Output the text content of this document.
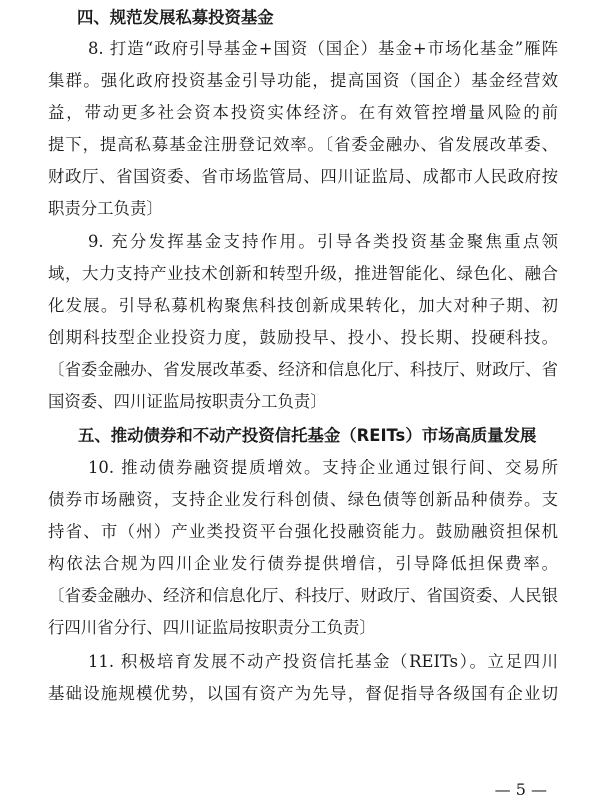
四、规范发展私募投资基金
8. 打造“政府引导基金+国资（国企）基金+市场化基金”雁阵
集群。强化政府投资基金引导功能，提高国资（国企）基金经营效
益，带动更多社会资本投资实体经济。在有效管控增量风险的前
提下，提高私募基金注册登记效率。〔省委金融办、省发展改革委、
财政厅、省国资委、省市场监管局、四川证监局、成都市人民政府按
职责分工负责〕
9. 充分发挥基金支持作用。引导各类投资基金聚焦重点领
域，大力支持产业技术创新和转型升级，推进智能化、绿色化、融合
化发展。引导私募机构聚焦科技创新成果转化，加大对种子期、初
创期科技型企业投资力度，鼓励投早、投小、投长期、投硬科技。
〔省委金融办、省发展改革委、经济和信息化厅、科技厅、财政厅、省
国资委、四川证监局按职责分工负责〕
五、推动债券和不动产投资信托基金（REITs）市场高质量发展
10. 推动债券融资提质增效。支持企业通过银行间、交易所
债券市场融资，支持企业发行科创债、绿色债等创新品种债券。支
持省、市（州）产业类投资平台强化投融资能力。鼓励融资担保机
构依法合规为四川企业发行债券提供增信，引导降低担保费率。
〔省委金融办、经济和信息化厅、科技厅、财政厅、省国资委、人民银
行四川省分行、四川证监局按职责分工负责〕
11. 积极培育发展不动产投资信托基金（REITs）。立足四川
基础设施规模优势，以国有资产为先导，督促指导各级国有企业切
— 5 —
